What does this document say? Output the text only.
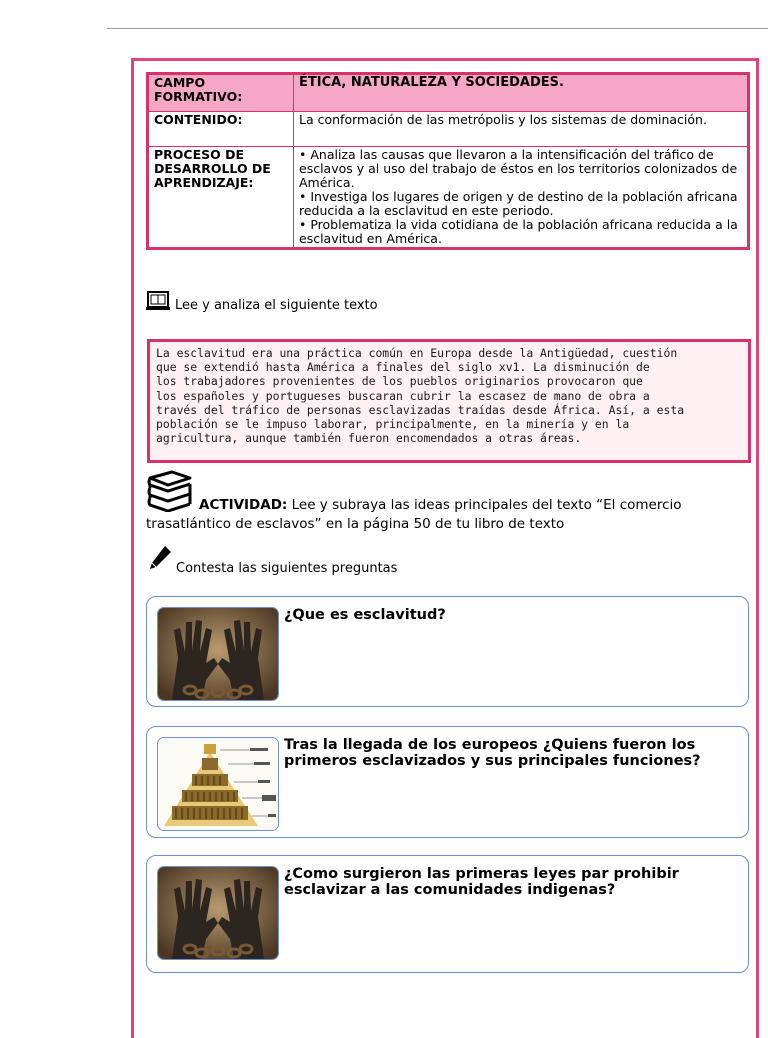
CAMPO FORMATIVO:	ÉTICA, NATURALEZA Y SOCIEDADES.
CONTENIDO:	La conformación de las metrópolis y los sistemas de dominación.
PROCESO DE DESARROLLO DE APRENDIZAJE:	• Analiza las causas que llevaron a la intensificación del tráfico de esclavos y al uso del trabajo de éstos en los territorios colonizados de América.
• Investiga los lugares de origen y de destino de la población africana reducida a la esclavitud en este periodo.
• Problematiza la vida cotidiana de la población africana reducida a la esclavitud en América.
Lee y analiza el siguiente texto
La esclavitud era una práctica común en Europa desde la Antigüedad, cuestión
que se extendió hasta América a finales del siglo xv1. La disminución de
los trabajadores provenientes de los pueblos originarios provocaron que
los españoles y portugueses buscaran cubrir la escasez de mano de obra a
través del tráfico de personas esclavizadas traídas desde África. Así, a esta
población se le impuso laborar, principalmente, en la minería y en la
agricultura, aunque también fueron encomendados a otras áreas.
ACTIVIDAD: Lee y subraya las ideas principales del texto “El comercio
trasatlántico de esclavos” en la página 50 de tu libro de texto
Contesta las siguientes preguntas
¿Que es esclavitud?
Tras la llegada de los europeos ¿Quiens fueron los primeros esclavizados y sus principales funciones?
¿Como surgieron las primeras leyes par prohibir esclavizar a las comunidades indigenas?
